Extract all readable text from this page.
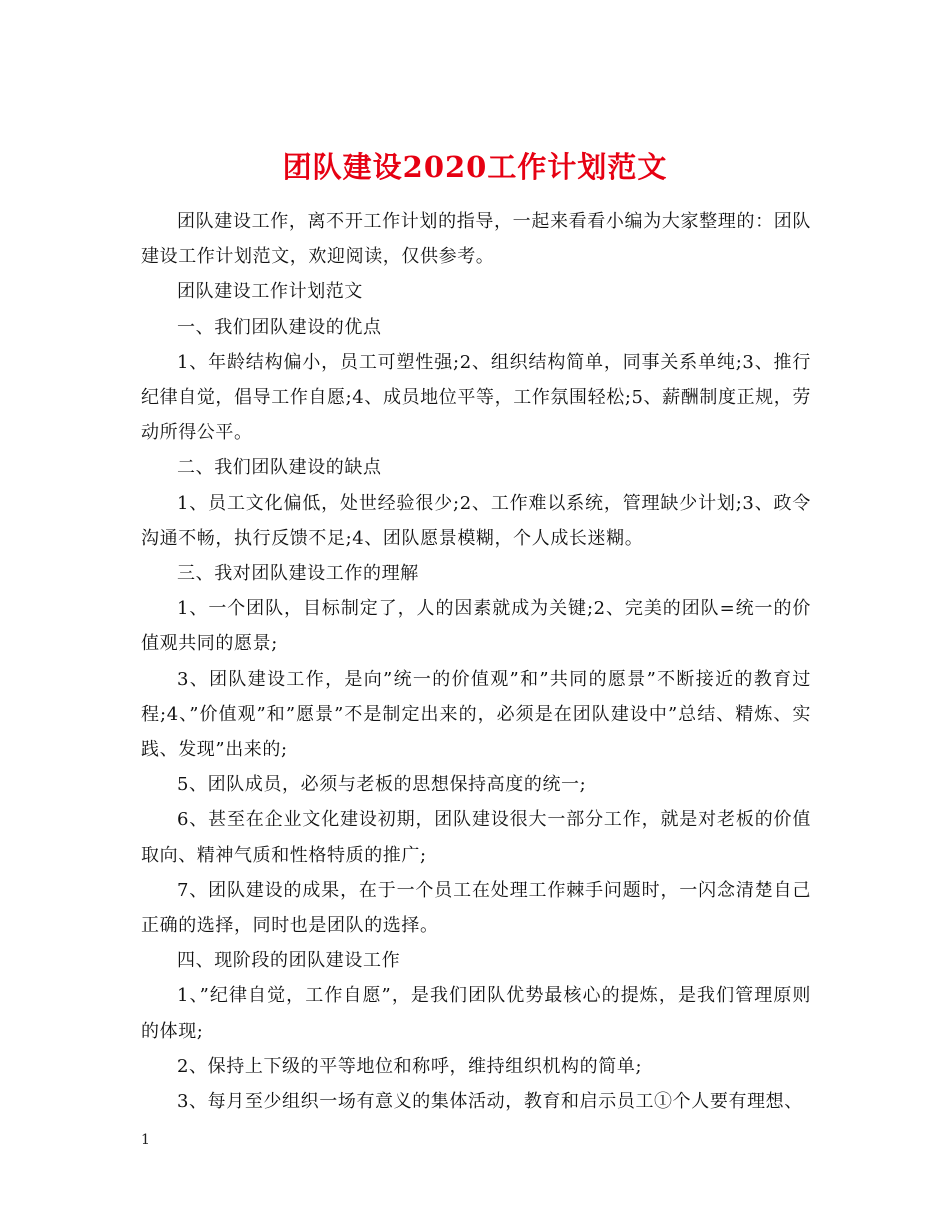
团队建设2020工作计划范文

团队建设工作，离不开工作计划的指导，一起来看看小编为大家整理的：团队建设工作计划范文，欢迎阅读，仅供参考。

团队建设工作计划范文

一、我们团队建设的优点

1、年龄结构偏小，员工可塑性强;2、组织结构简单，同事关系单纯;3、推行纪律自觉，倡导工作自愿;4、成员地位平等，工作氛围轻松;5、薪酬制度正规，劳动所得公平。

二、我们团队建设的缺点

1、员工文化偏低，处世经验很少;2、工作难以系统，管理缺少计划;3、政令沟通不畅，执行反馈不足;4、团队愿景模糊，个人成长迷糊。

三、我对团队建设工作的理解

1、一个团队，目标制定了，人的因素就成为关键;2、完美的团队=统一的价值观共同的愿景;

3、团队建设工作，是向”统一的价值观”和”共同的愿景”不断接近的教育过程;4、”价值观”和”愿景”不是制定出来的，必须是在团队建设中”总结、精炼、实践、发现”出来的;

5、团队成员，必须与老板的思想保持高度的统一;

6、甚至在企业文化建设初期，团队建设很大一部分工作，就是对老板的价值取向、精神气质和性格特质的推广;

7、团队建设的成果，在于一个员工在处理工作棘手问题时，一闪念清楚自己正确的选择，同时也是团队的选择。

四、现阶段的团队建设工作

1、”纪律自觉，工作自愿”，是我们团队优势最核心的提炼，是我们管理原则的体现;

2、保持上下级的平等地位和称呼，维持组织机构的简单;

3、每月至少组织一场有意义的集体活动，教育和启示员工①个人要有理想、

1
